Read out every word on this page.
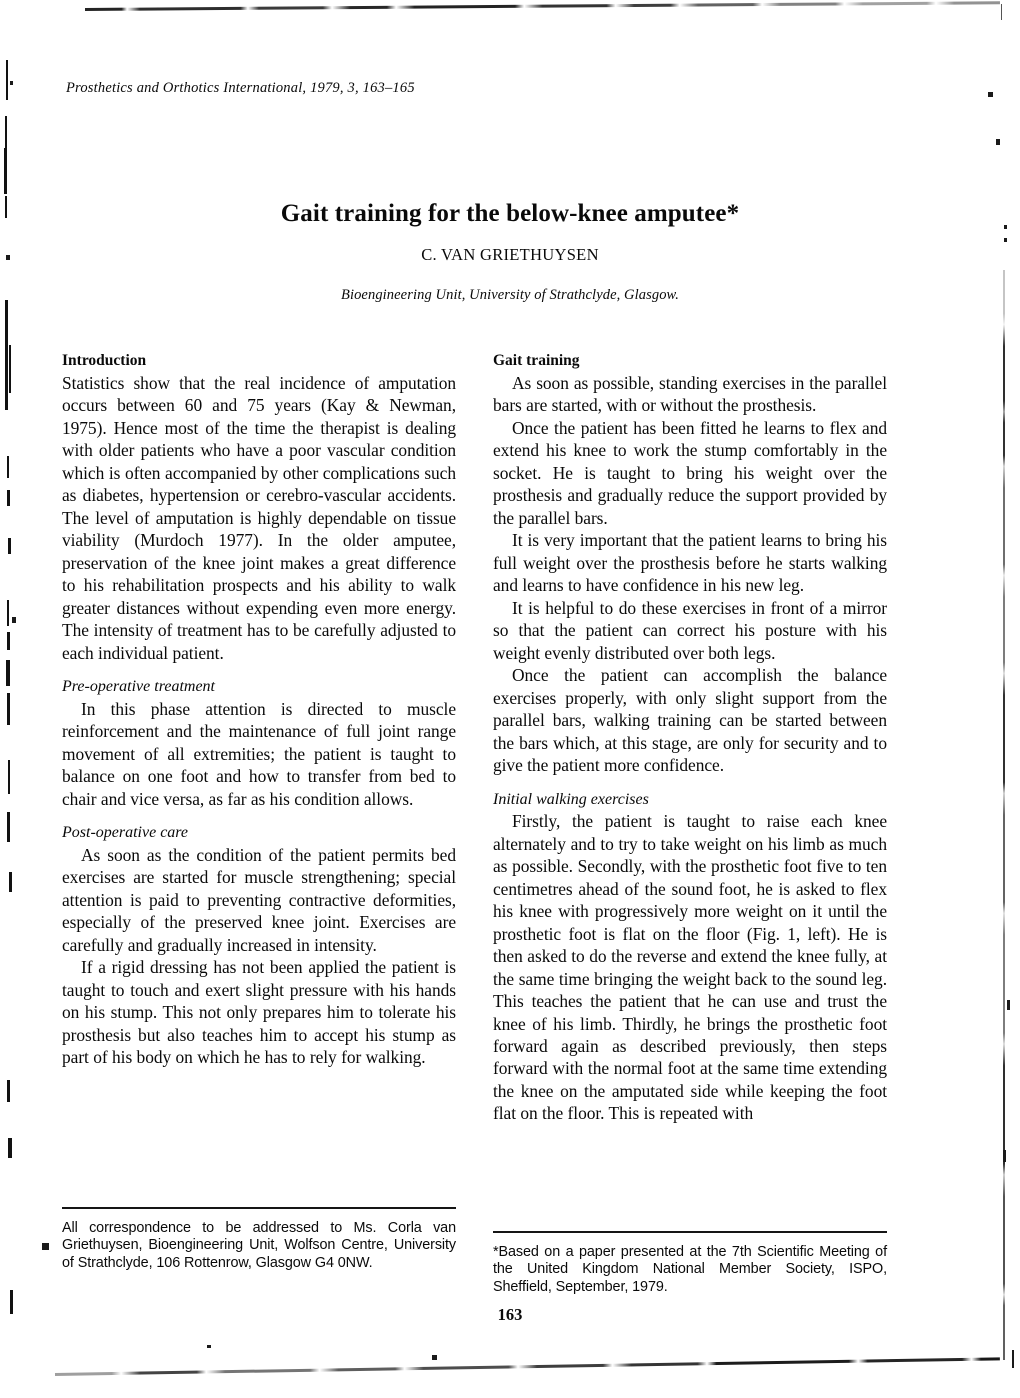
Prosthetics and Orthotics International, 1979, 3, 163–165
Gait training for the below-knee amputee*
C. VAN GRIETHUYSEN
Bioengineering Unit, University of Strathclyde, Glasgow.
Introduction

Statistics show that the real incidence of amputation occurs between 60 and 75 years (Kay & Newman, 1975). Hence most of the time the therapist is dealing with older patients who have a poor vascular condition which is often accompanied by other complications such as diabetes, hypertension or cerebro-vascular accidents. The level of amputation is highly dependable on tissue viability (Murdoch 1977). In the older amputee, preservation of the knee joint makes a great difference to his rehabilitation prospects and his ability to walk greater distances without expending even more energy. The intensity of treatment has to be carefully adjusted to each individual patient.

Pre-operative treatment

In this phase attention is directed to muscle reinforcement and the maintenance of full joint range movement of all extremities; the patient is taught to balance on one foot and how to transfer from bed to chair and vice versa, as far as his condition allows.

Post-operative care

As soon as the condition of the patient permits bed exercises are started for muscle strengthening; special attention is paid to preventing contractive deformities, especially of the preserved knee joint. Exercises are carefully and gradually increased in intensity.

If a rigid dressing has not been applied the patient is taught to touch and exert slight pressure with his hands on his stump. This not only prepares him to tolerate his prosthesis but also teaches him to accept his stump as part of his body on which he has to rely for walking.

Gait training

As soon as possible, standing exercises in the parallel bars are started, with or without the prosthesis.

Once the patient has been fitted he learns to flex and extend his knee to work the stump comfortably in the socket. He is taught to bring his weight over the prosthesis and gradually reduce the support provided by the parallel bars.

It is very important that the patient learns to bring his full weight over the prosthesis before he starts walking and learns to have confidence in his new leg.

It is helpful to do these exercises in front of a mirror so that the patient can correct his posture with his weight evenly distributed over both legs.

Once the patient can accomplish the balance exercises properly, with only slight support from the parallel bars, walking training can be started between the bars which, at this stage, are only for security and to give the patient more confidence.

Initial walking exercises

Firstly, the patient is taught to raise each knee alternately and to try to take weight on his limb as much as possible. Secondly, with the prosthetic foot five to ten centimetres ahead of the sound foot, he is asked to flex his knee with progressively more weight on it until the prosthetic foot is flat on the floor (Fig. 1, left). He is then asked to do the reverse and extend the knee fully, at the same time bringing the weight back to the sound leg. This teaches the patient that he can use and trust the knee of his limb. Thirdly, he brings the prosthetic foot forward again as described previously, then steps forward with the normal foot at the same time extending the knee on the amputated side while keeping the foot flat on the floor. This is repeated with

All correspondence to be addressed to Ms. Corla van Griethuysen, Bioengineering Unit, Wolfson Centre, University of Strathclyde, 106 Rottenrow, Glasgow G4 0NW.

*Based on a paper presented at the 7th Scientific Meeting of the United Kingdom National Member Society, ISPO, Sheffield, September, 1979.

163
